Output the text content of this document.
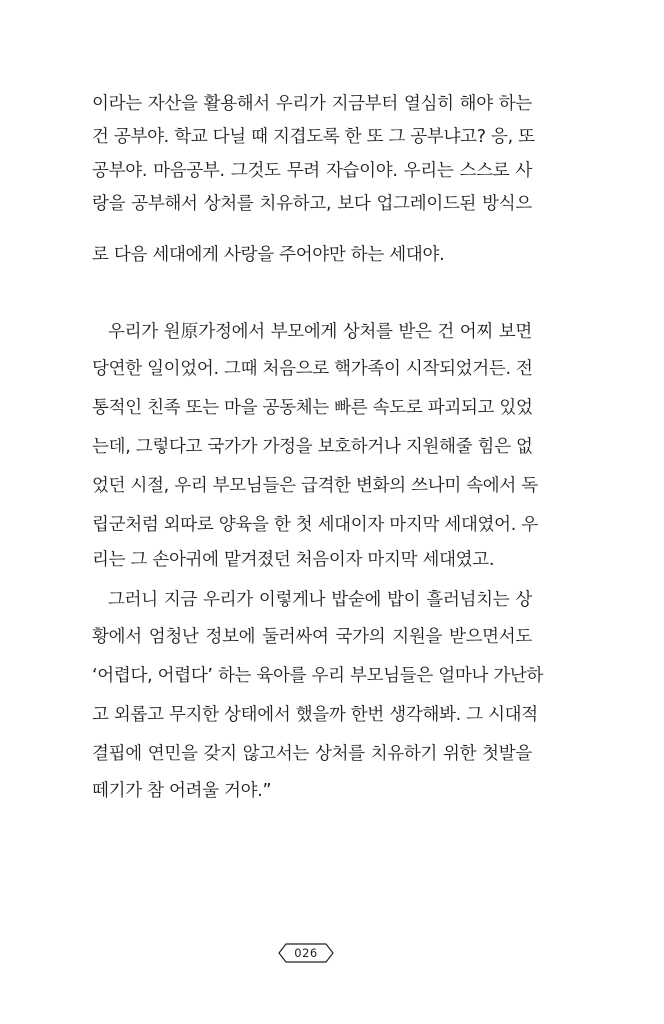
이라는 자산을 활용해서 우리가 지금부터 열심히 해야 하는
건 공부야. 학교 다닐 때 지겹도록 한 또 그 공부냐고? 응, 또
공부야. 마음공부. 그것도 무려 자습이야. 우리는 스스로 사
랑을 공부해서 상처를 치유하고, 보다 업그레이드된 방식으
로 다음 세대에게 사랑을 주어야만 하는 세대야.
우리가 원原가정에서 부모에게 상처를 받은 건 어찌 보면
당연한 일이었어. 그때 처음으로 핵가족이 시작되었거든. 전
통적인 친족 또는 마을 공동체는 빠른 속도로 파괴되고 있었
는데, 그렇다고 국가가 가정을 보호하거나 지원해줄 힘은 없
었던 시절, 우리 부모님들은 급격한 변화의 쓰나미 속에서 독
립군처럼 외따로 양육을 한 첫 세대이자 마지막 세대였어. 우
리는 그 손아귀에 맡겨졌던 처음이자 마지막 세대였고.
그러니 지금 우리가 이렇게나 밥숟에 밥이 흘러넘치는 상
황에서 엄청난 정보에 둘러싸여 국가의 지원을 받으면서도
‘어렵다, 어렵다’ 하는 육아를 우리 부모님들은 얼마나 가난하
고 외롭고 무지한 상태에서 했을까 한번 생각해봐. 그 시대적
결핍에 연민을 갖지 않고서는 상처를 치유하기 위한 첫발을
떼기가 참 어려울 거야.”
026
